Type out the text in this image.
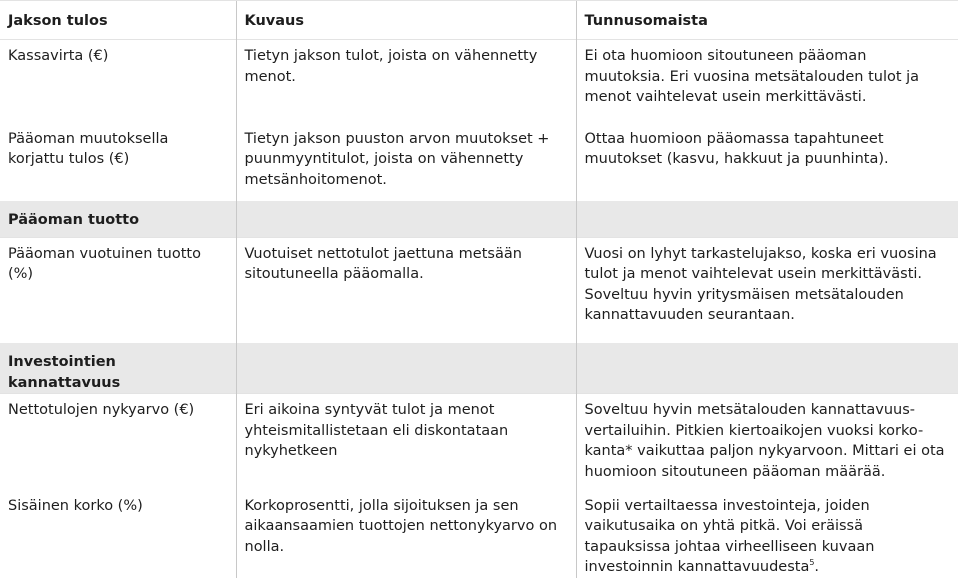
Jakson tulos	Kuvaus	Tunnusomaista
Kassavirta (€)	Tietyn jakson tulot, joista on vähennetty menot.	Ei ota huomioon sitoutuneen pääoman muutoksia. Eri vuosina metsätalouden tulot ja menot vaihtelevat usein merkittävästi.
Pääoman muutoksella korjattu tulos (€)	Tietyn jakson puuston arvon muutokset + puunmyyntitulot, joista on vähennetty metsänhoitomenot.	Ottaa huomioon pääomassa tapahtuneet muutokset (kasvu, hakkuut ja puunhinta).
Pääoman tuotto		
Pääoman vuotuinen tuotto (%)	Vuotuiset nettotulot jaettuna metsään sitoutuneella pääomalla.	Vuosi on lyhyt tarkastelujakso, koska eri vuosina tulot ja menot vaihtelevat usein merkittävästi. Soveltuu hyvin yritysmäisen metsätalouden kannattavuuden seurantaan.
Investointien kannattavuus		
Nettotulojen nykyarvo (€)	Eri aikoina syntyvät tulot ja menot yhteismitallistetaan eli diskontataan nykyhetkeen	Soveltuu hyvin metsätalouden kannattavuus-vertailuihin. Pitkien kiertoaikojen vuoksi korko-kanta* vaikuttaa paljon nykyarvoon. Mittari ei ota huomioon sitoutuneen pääoman määrää.
Sisäinen korko (%)	Korkoprosentti, jolla sijoituksen ja sen aikaansaamien tuottojen nettonykyarvo on nolla.	Sopii vertailtaessa investointeja, joiden vaikutusaika on yhtä pitkä. Voi eräissä tapauksissa johtaa virheelliseen kuvaan investoinnin kannattavuudesta$^5$.
